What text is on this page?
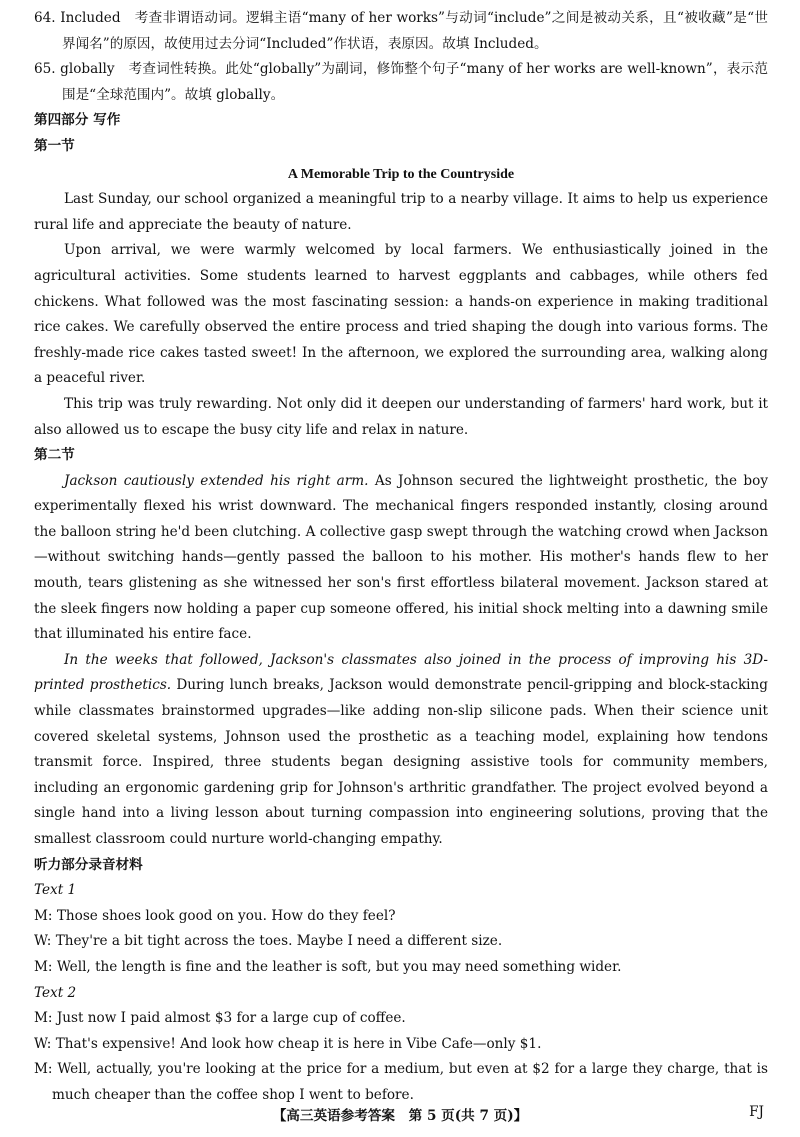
64. Included　考查非谓语动词。逻辑主语“many of her works”与动词“include”之间是被动关系，且“被收藏”是“世界闻名”的原因，故使用过去分词“Included”作状语，表原因。故填 Included。

65. globally　考查词性转换。此处“globally”为副词，修饰整个句子“many of her works are well-known”，表示范围是“全球范围内”。故填 globally。

第四部分 写作

第一节

A Memorable Trip to the Countryside

Last Sunday, our school organized a meaningful trip to a nearby village. It aims to help us experience rural life and appreciate the beauty of nature.

Upon arrival, we were warmly welcomed by local farmers. We enthusiastically joined in the agricultural activities. Some students learned to harvest eggplants and cabbages, while others fed chickens. What followed was the most fascinating session: a hands-on experience in making traditional rice cakes. We carefully observed the entire process and tried shaping the dough into various forms. The freshly-made rice cakes tasted sweet! In the afternoon, we explored the surrounding area, walking along a peaceful river.

This trip was truly rewarding. Not only did it deepen our understanding of farmers' hard work, but it also allowed us to escape the busy city life and relax in nature.

第二节

Jackson cautiously extended his right arm. As Johnson secured the lightweight prosthetic, the boy experimentally flexed his wrist downward. The mechanical fingers responded instantly, closing around the balloon string he'd been clutching. A collective gasp swept through the watching crowd when Jackson—without switching hands—gently passed the balloon to his mother. His mother's hands flew to her mouth, tears glistening as she witnessed her son's first effortless bilateral movement. Jackson stared at the sleek fingers now holding a paper cup someone offered, his initial shock melting into a dawning smile that illuminated his entire face.

In the weeks that followed, Jackson's classmates also joined in the process of improving his 3D-printed prosthetics. During lunch breaks, Jackson would demonstrate pencil-gripping and block-stacking while classmates brainstormed upgrades—like adding non-slip silicone pads. When their science unit covered skeletal systems, Johnson used the prosthetic as a teaching model, explaining how tendons transmit force. Inspired, three students began designing assistive tools for community members, including an ergonomic gardening grip for Johnson's arthritic grandfather. The project evolved beyond a single hand into a living lesson about turning compassion into engineering solutions, proving that the smallest classroom could nurture world-changing empathy.

听力部分录音材料

Text 1

M: Those shoes look good on you. How do they feel?

W: They're a bit tight across the toes. Maybe I need a different size.

M: Well, the length is fine and the leather is soft, but you may need something wider.

Text 2

M: Just now I paid almost $3 for a large cup of coffee.

W: That's expensive! And look how cheap it is here in Vibe Cafe—only $1.

M: Well, actually, you're looking at the price for a medium, but even at $2 for a large they charge, that is much cheaper than the coffee shop I went to before.

【高三英语参考答案　第 5 页(共 7 页)】	FJ
